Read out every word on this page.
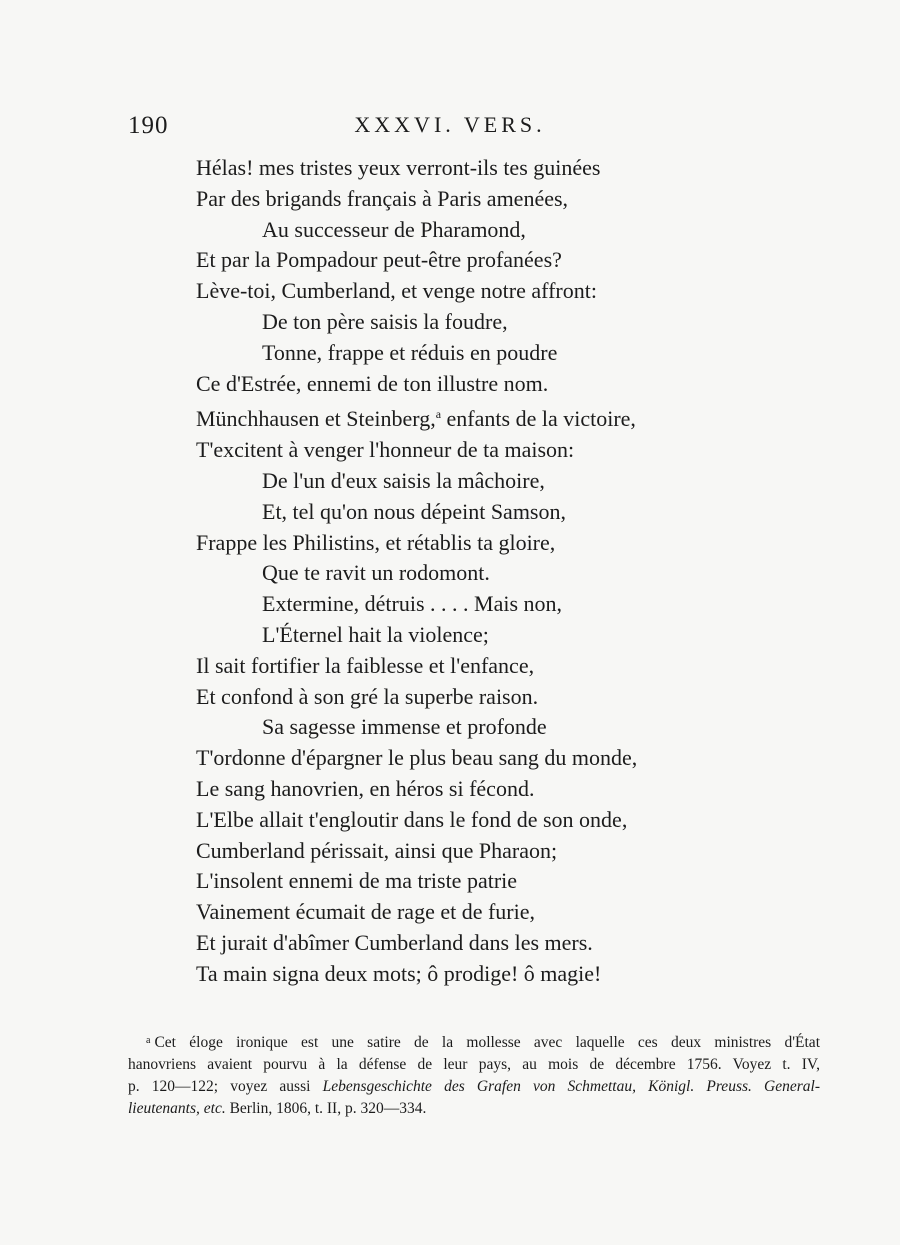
190	XXXVI. VERS.
Hélas! mes tristes yeux verront-ils tes guinées
Par des brigands français à Paris amenées,
Au successeur de Pharamond,
Et par la Pompadour peut-être profanées?
Lève-toi, Cumberland, et venge notre affront:
De ton père saisis la foudre,
Tonne, frappe et réduis en poudre
Ce d'Estrée, ennemi de ton illustre nom.
Münchhausen et Steinberg,$^a$ enfants de la victoire,
T'excitent à venger l'honneur de ta maison:
De l'un d'eux saisis la mâchoire,
Et, tel qu'on nous dépeint Samson,
Frappe les Philistins, et rétablis ta gloire,
Que te ravit un rodomont.
Extermine, détruis . . . . Mais non,
L'Éternel hait la violence;
Il sait fortifier la faiblesse et l'enfance,
Et confond à son gré la superbe raison.
Sa sagesse immense et profonde
T'ordonne d'épargner le plus beau sang du monde,
Le sang hanovrien, en héros si fécond.
L'Elbe allait t'engloutir dans le fond de son onde,
Cumberland périssait, ainsi que Pharaon;
L'insolent ennemi de ma triste patrie
Vainement écumait de rage et de furie,
Et jurait d'abîmer Cumberland dans les mers.
Ta main signa deux mots; ô prodige! ô magie!
$^a$ Cet éloge ironique est une satire de la mollesse avec laquelle ces deux ministres d'État
hanovriens avaient pourvu à la défense de leur pays, au mois de décembre 1756. Voyez t. IV,
p. 120—122; voyez aussi Lebensgeschichte des Grafen von Schmettau, Königl. Preuss. General-
lieutenants, etc. Berlin, 1806, t. II, p. 320—334.
